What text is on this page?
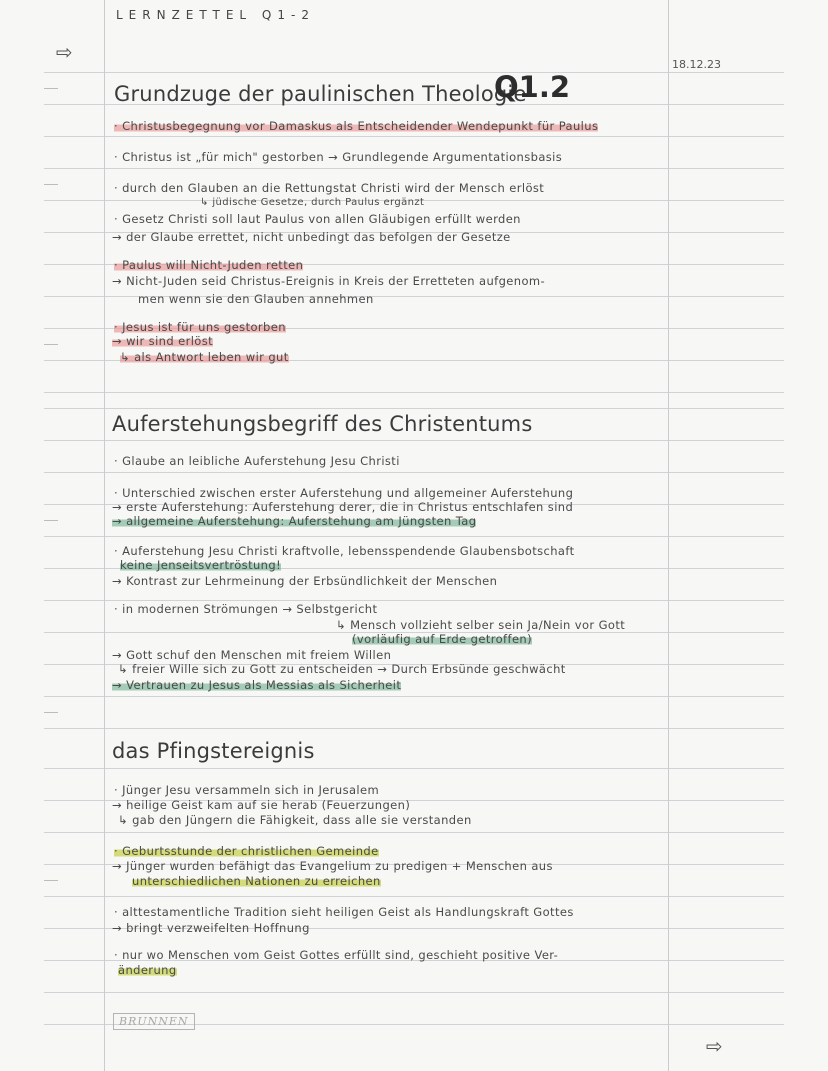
LERNZETTEL Q1-2
18.12.23
⇨
Grundzuge der paulinischen Theologie
Q1.2
· Christusbegegnung vor Damaskus als Entscheidender Wendepunkt für Paulus
· Christus ist „für mich" gestorben → Grundlegende Argumentationsbasis
· durch den Glauben an die Rettungstat Christi wird der Mensch erlöst
↳ jüdische Gesetze, durch Paulus ergänzt
· Gesetz Christi soll laut Paulus von allen Gläubigen erfüllt werden
→ der Glaube errettet, nicht unbedingt das befolgen der Gesetze
· Paulus will Nicht-Juden retten
→ Nicht-Juden seid Christus-Ereignis in Kreis der Erretteten aufgenom-
men wenn sie den Glauben annehmen
· Jesus ist für uns gestorben
→ wir sind erlöst
↳ als Antwort leben wir gut
Auferstehungsbegriff des Christentums
· Glaube an leibliche Auferstehung Jesu Christi
· Unterschied zwischen erster Auferstehung und allgemeiner Auferstehung
→ erste Auferstehung: Auferstehung derer, die in Christus entschlafen sind
→ allgemeine Auferstehung: Auferstehung am Jüngsten Tag
· Auferstehung Jesu Christi kraftvolle, lebensspendende Glaubensbotschaft
keine Jenseitsvertröstung!
→ Kontrast zur Lehrmeinung der Erbsündlichkeit der Menschen
· in modernen Strömungen → Selbstgericht
↳ Mensch vollzieht selber sein Ja/Nein vor Gott
(vorläufig auf Erde getroffen)
→ Gott schuf den Menschen mit freiem Willen
↳ freier Wille sich zu Gott zu entscheiden → Durch Erbsünde geschwächt
→ Vertrauen zu Jesus als Messias als Sicherheit
das Pfingstereignis
· Jünger Jesu versammeln sich in Jerusalem
→ heilige Geist kam auf sie herab (Feuerzungen)
↳ gab den Jüngern die Fähigkeit, dass alle sie verstanden
· Geburtsstunde der christlichen Gemeinde
→ Jünger wurden befähigt das Evangelium zu predigen + Menschen aus
unterschiedlichen Nationen zu erreichen
· alttestamentliche Tradition sieht heiligen Geist als Handlungskraft Gottes
→ bringt verzweifelten Hoffnung
· nur wo Menschen vom Geist Gottes erfüllt sind, geschieht positive Ver-
änderung
BRUNNEN
⇨
